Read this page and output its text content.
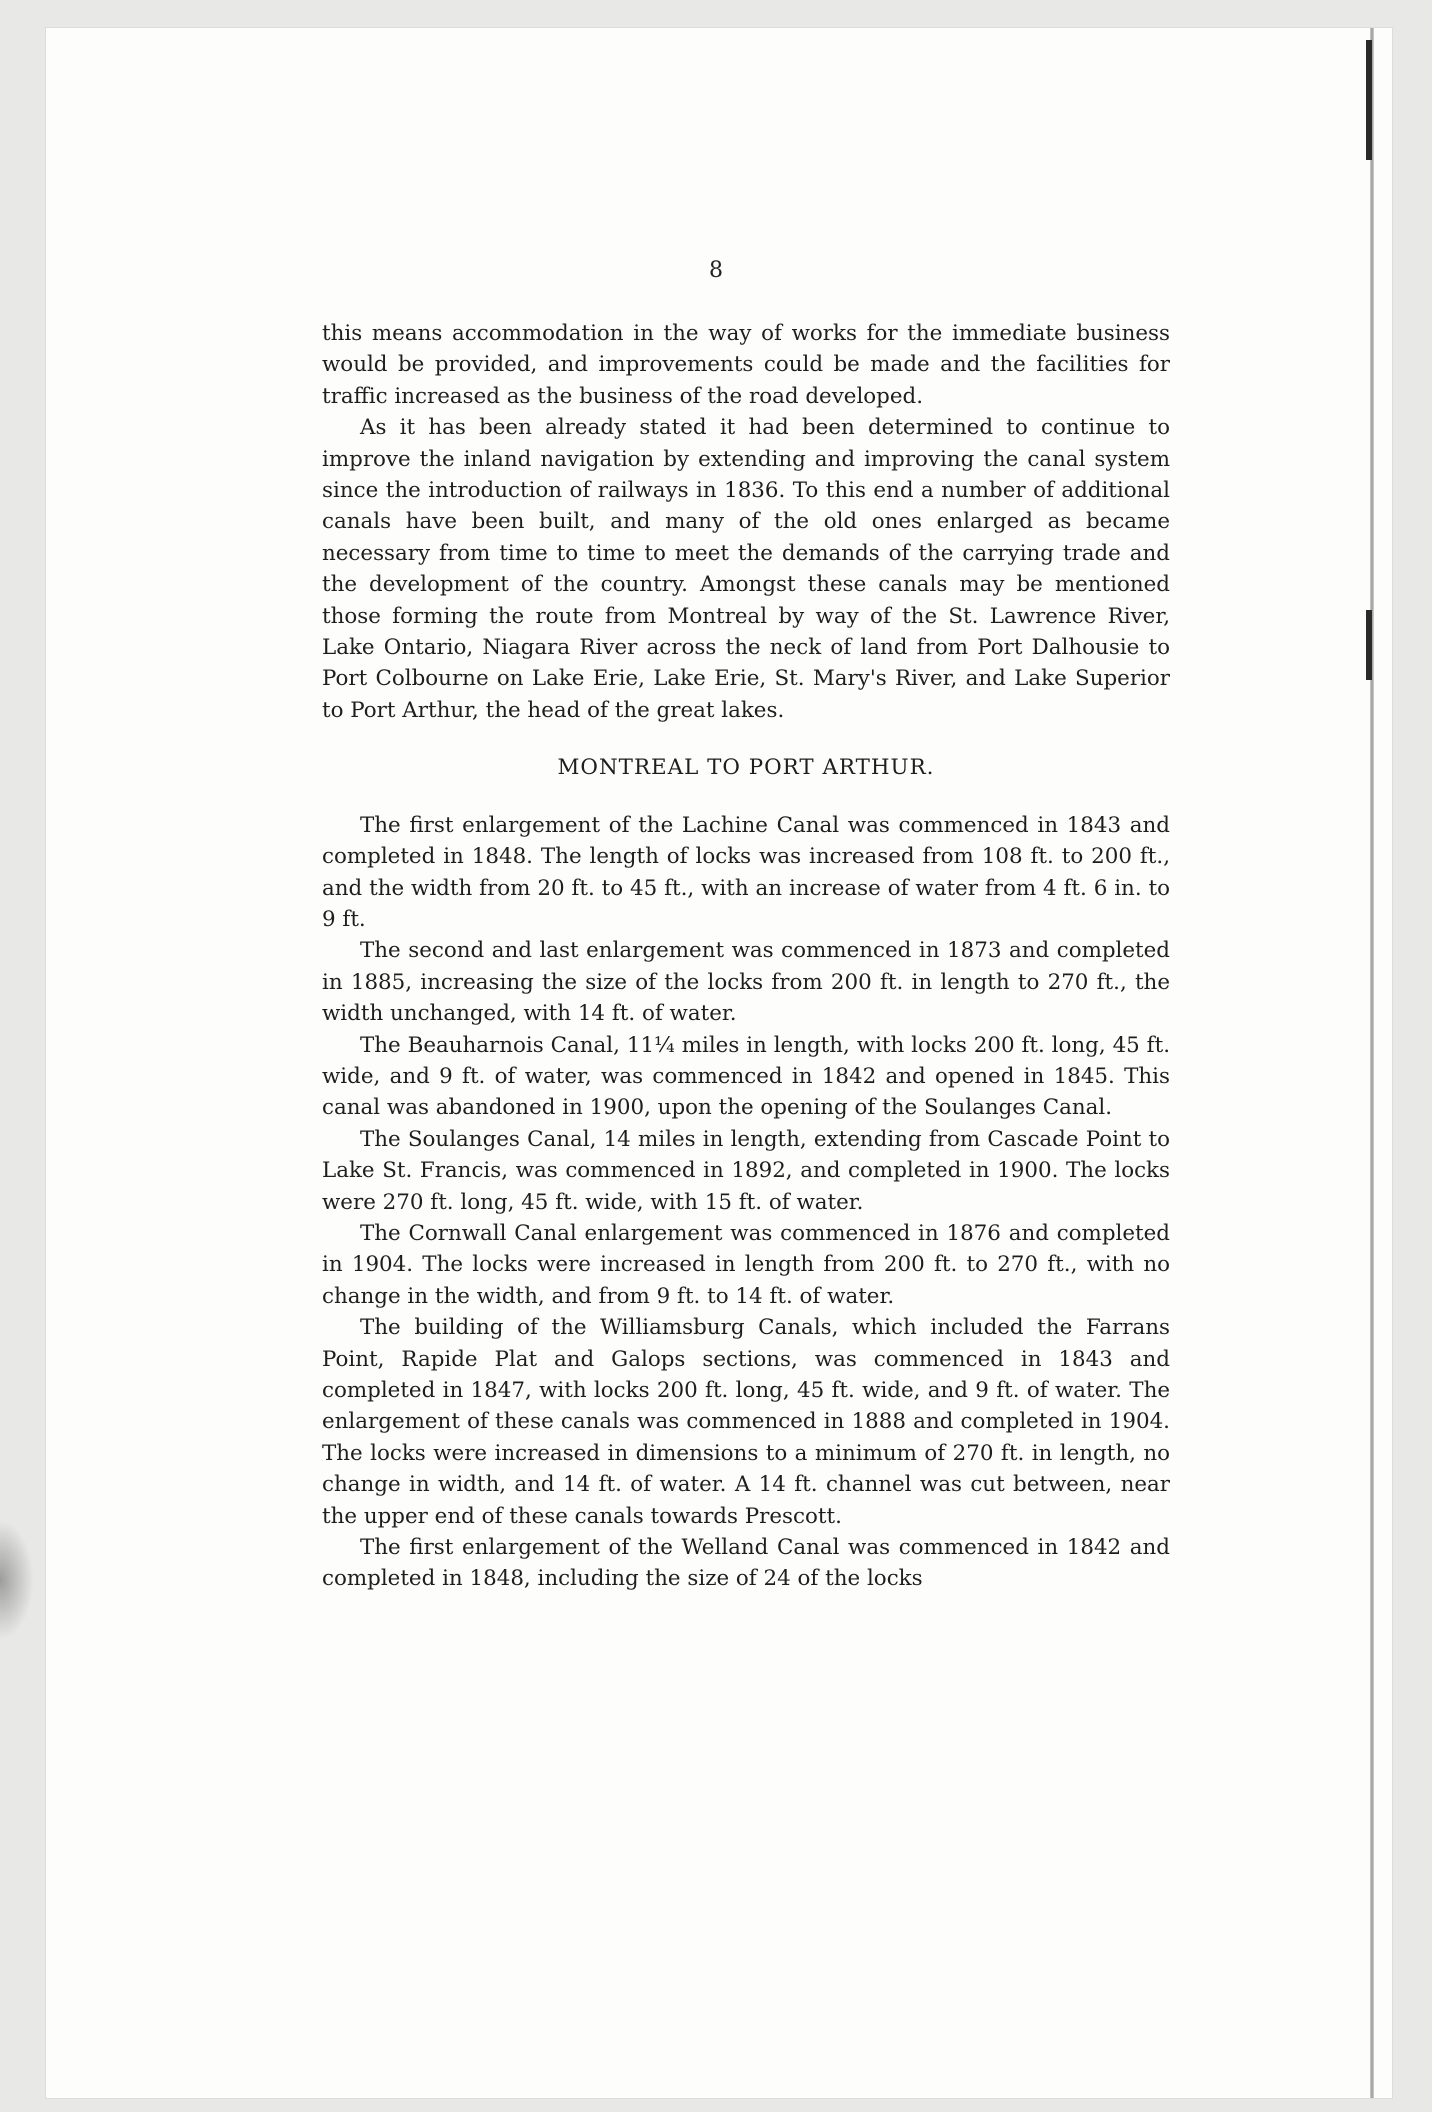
8

this means accommodation in the way of works for the immediate business would be provided, and improvements could be made and the facilities for traffic increased as the business of the road developed.

As it has been already stated it had been determined to continue to improve the inland navigation by extending and improving the canal system since the introduction of railways in 1836. To this end a number of additional canals have been built, and many of the old ones enlarged as became necessary from time to time to meet the demands of the carrying trade and the development of the country. Amongst these canals may be mentioned those forming the route from Montreal by way of the St. Lawrence River, Lake Ontario, Niagara River across the neck of land from Port Dalhousie to Port Colbourne on Lake Erie, Lake Erie, St. Mary's River, and Lake Superior to Port Arthur, the head of the great lakes.

MONTREAL TO PORT ARTHUR.

The first enlargement of the Lachine Canal was commenced in 1843 and completed in 1848. The length of locks was increased from 108 ft. to 200 ft., and the width from 20 ft. to 45 ft., with an increase of water from 4 ft. 6 in. to 9 ft.

The second and last enlargement was commenced in 1873 and completed in 1885, increasing the size of the locks from 200 ft. in length to 270 ft., the width unchanged, with 14 ft. of water.

The Beauharnois Canal, 11¼ miles in length, with locks 200 ft. long, 45 ft. wide, and 9 ft. of water, was commenced in 1842 and opened in 1845. This canal was abandoned in 1900, upon the opening of the Soulanges Canal.

The Soulanges Canal, 14 miles in length, extending from Cascade Point to Lake St. Francis, was commenced in 1892, and completed in 1900. The locks were 270 ft. long, 45 ft. wide, with 15 ft. of water.

The Cornwall Canal enlargement was commenced in 1876 and completed in 1904. The locks were increased in length from 200 ft. to 270 ft., with no change in the width, and from 9 ft. to 14 ft. of water.

The building of the Williamsburg Canals, which included the Farrans Point, Rapide Plat and Galops sections, was commenced in 1843 and completed in 1847, with locks 200 ft. long, 45 ft. wide, and 9 ft. of water. The enlargement of these canals was commenced in 1888 and completed in 1904. The locks were increased in dimensions to a minimum of 270 ft. in length, no change in width, and 14 ft. of water. A 14 ft. channel was cut between, near the upper end of these canals towards Prescott.

The first enlargement of the Welland Canal was commenced in 1842 and completed in 1848, including the size of 24 of the locks
